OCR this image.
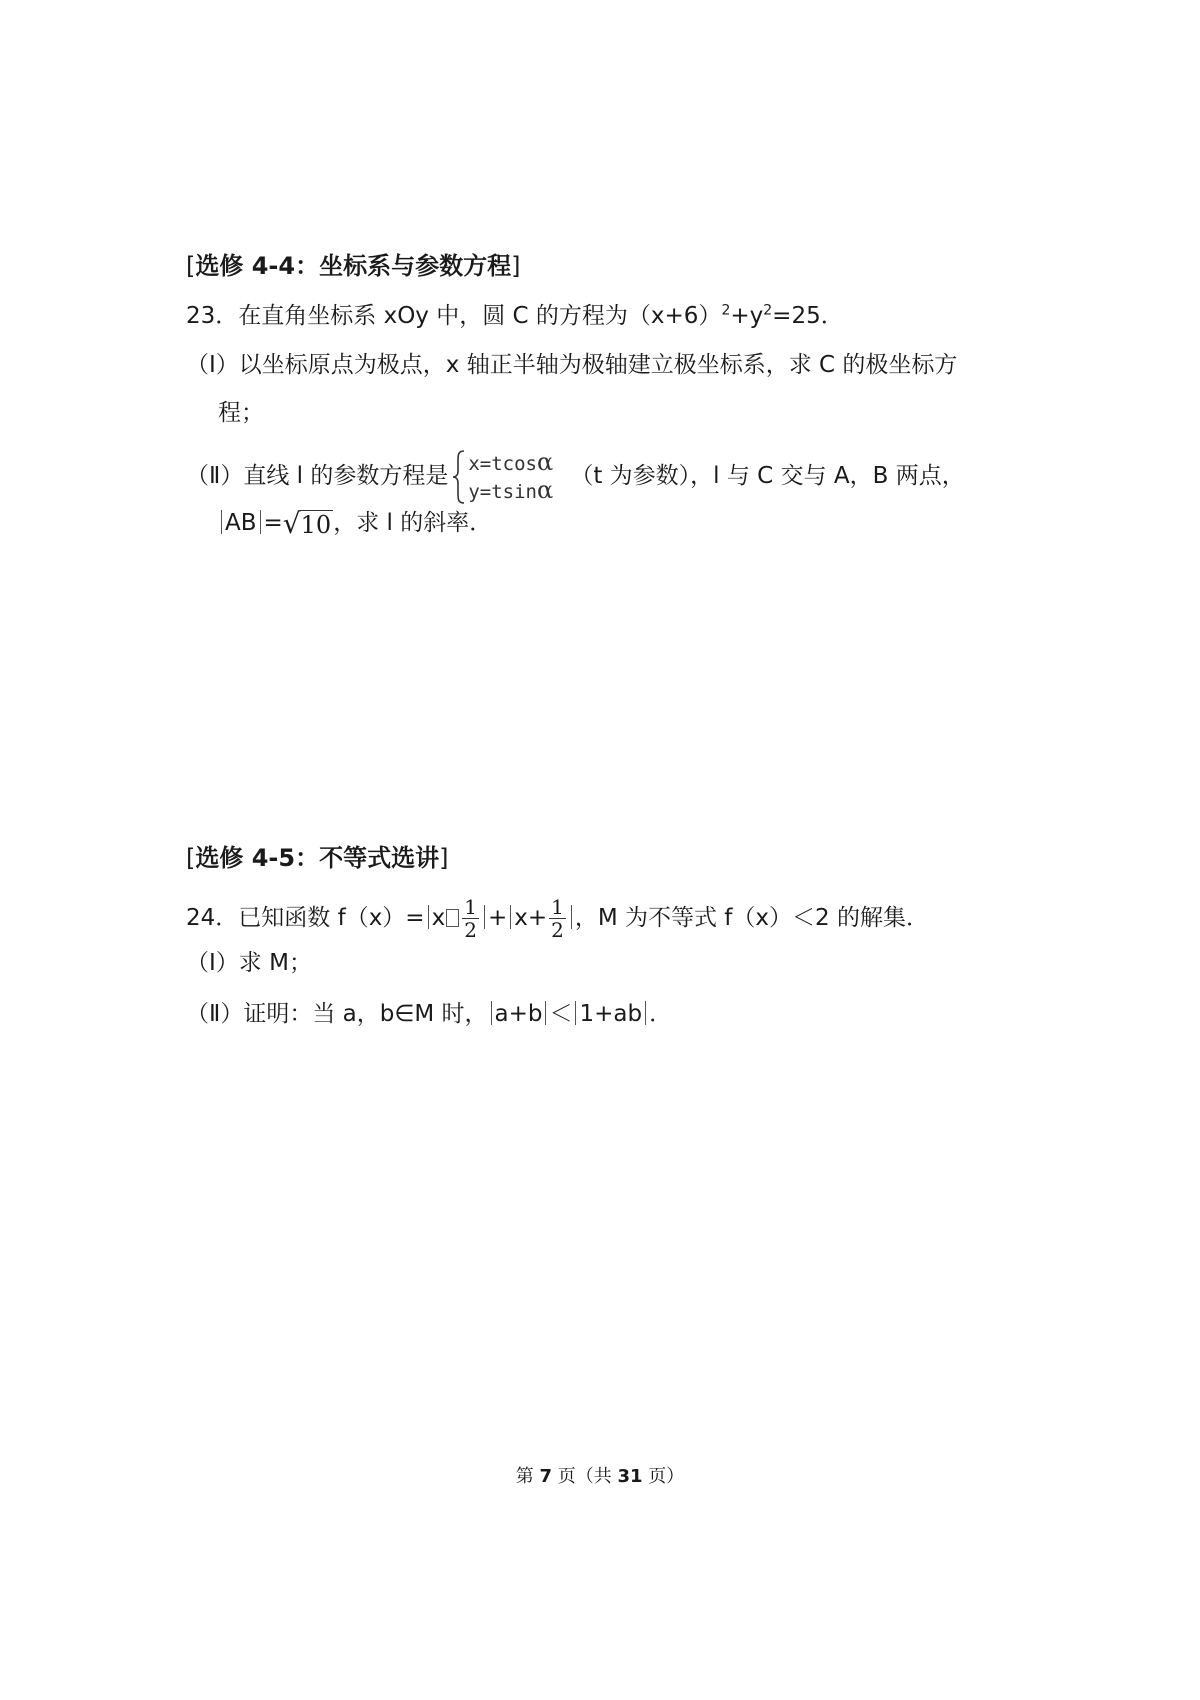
[选修 4-4：坐标系与参数方程]
23．在直角坐标系 xOy 中，圆 C 的方程为$(x+6)^2+y^2=25$．
（Ⅰ）以坐标原点为极点，x 轴正半轴为极轴建立极坐标系，求 C 的极坐标方
程；
（Ⅱ）直线 l 的参数方程是 x=tcosα
y=tsinα （t 为参数），l 与 C 交与 A，B 两点，
AB =√10，求 l 的斜率．
[选修 4-5：不等式选讲]
24．已知函数 f（x）= x $\frac{1}{2} + x+ \frac{1}{2}$ ，M 为不等式 f（x）＜2 的解集．
（Ⅰ）求 M；
（Ⅱ）证明：当 a，b∈M 时， a+b ＜ 1+ab ．
第 7 页（共 31 页）
